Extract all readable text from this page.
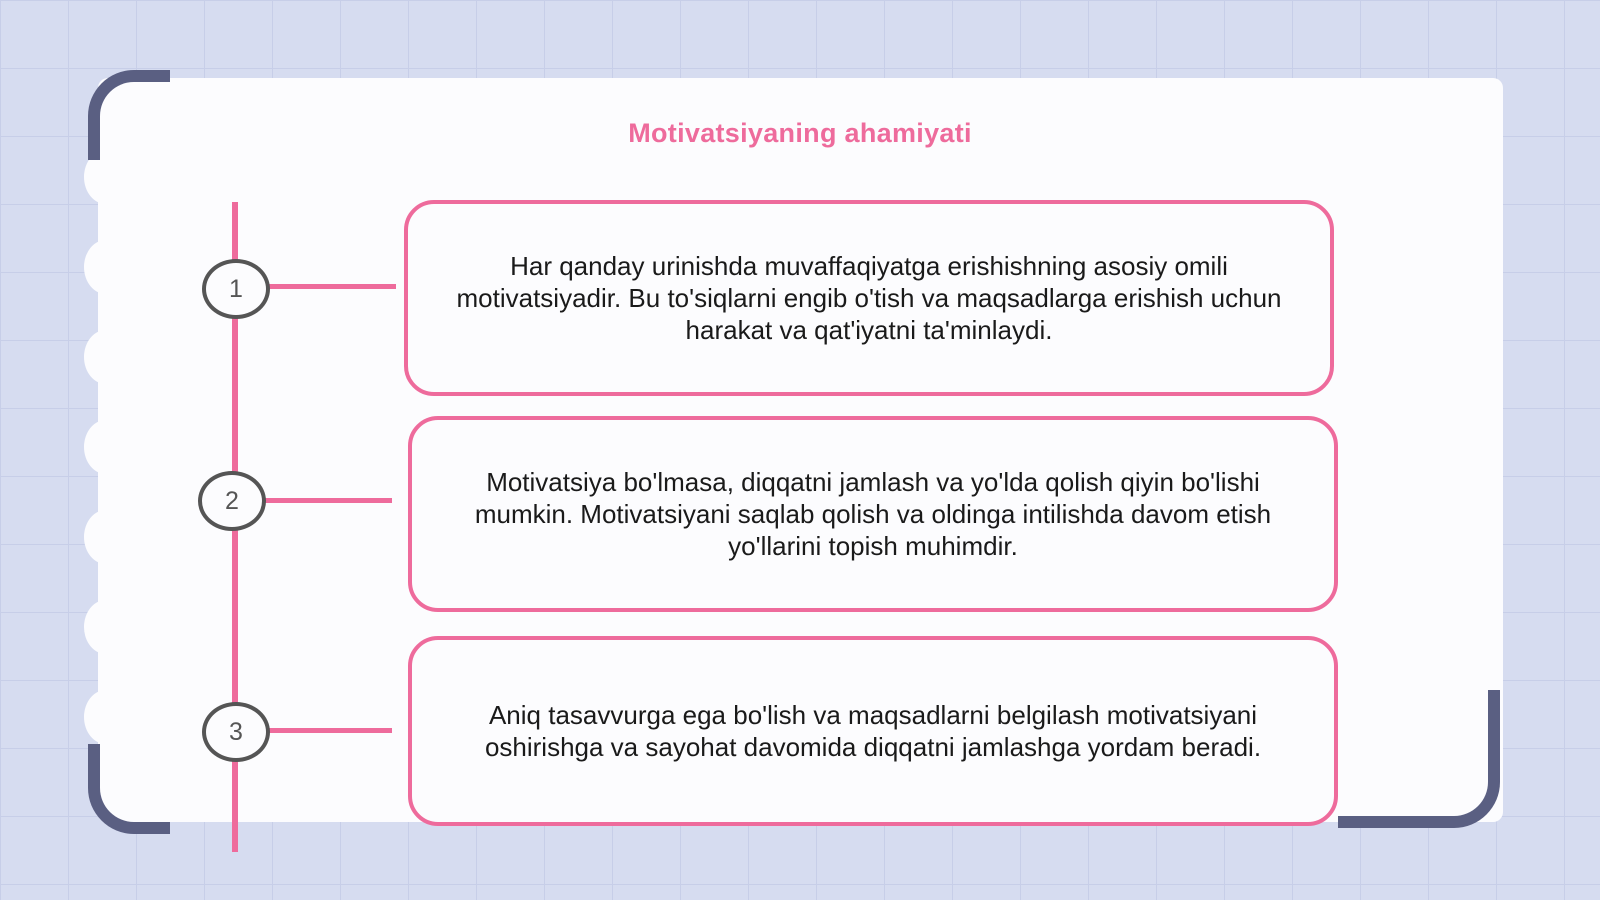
Motivatsiyaning ahamiyati
1
2
3
Har qanday urinishda muvaffaqiyatga erishishning asosiy omili motivatsiyadir. Bu to'siqlarni engib o'tish va maqsadlarga erishish uchun harakat va qat'iyatni ta'minlaydi.
Motivatsiya bo'lmasa, diqqatni jamlash va yo'lda qolish qiyin bo'lishi mumkin. Motivatsiyani saqlab qolish va oldinga intilishda davom etish yo'llarini topish muhimdir.
Aniq tasavvurga ega bo'lish va maqsadlarni belgilash motivatsiyani oshirishga va sayohat davomida diqqatni jamlashga yordam beradi.
